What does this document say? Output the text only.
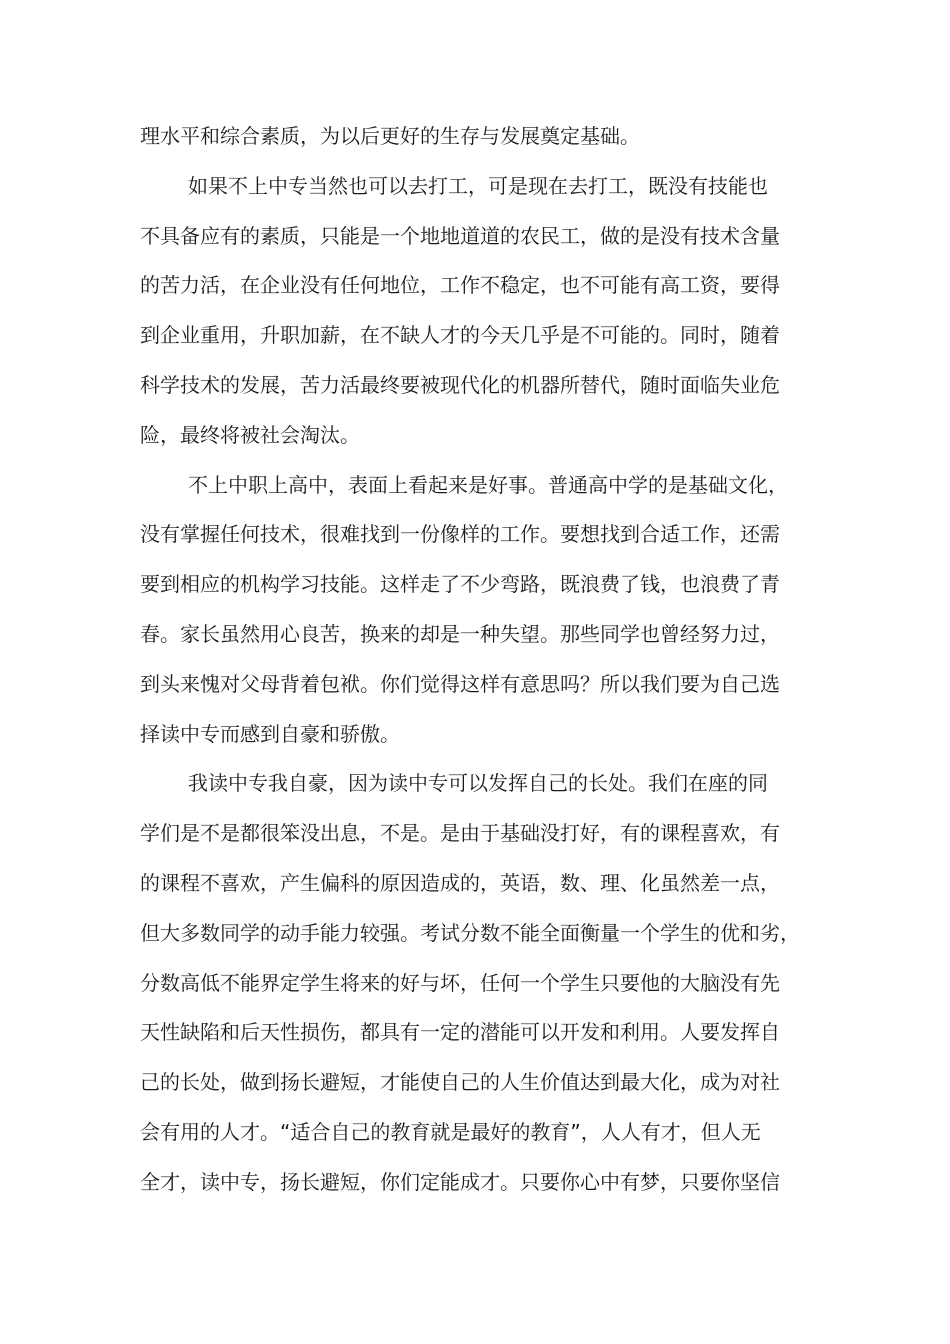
理水平和综合素质，为以后更好的生存与发展奠定基础。
如果不上中专当然也可以去打工，可是现在去打工，既没有技能也
不具备应有的素质，只能是一个地地道道的农民工，做的是没有技术含量
的苦力活，在企业没有任何地位，工作不稳定，也不可能有高工资，要得
到企业重用，升职加薪，在不缺人才的今天几乎是不可能的。同时，随着
科学技术的发展，苦力活最终要被现代化的机器所替代，随时面临失业危
险，最终将被社会淘汰。
不上中职上高中，表面上看起来是好事。普通高中学的是基础文化，
没有掌握任何技术，很难找到一份像样的工作。要想找到合适工作，还需
要到相应的机构学习技能。这样走了不少弯路，既浪费了钱，也浪费了青
春。家长虽然用心良苦，换来的却是一种失望。那些同学也曾经努力过，
到头来愧对父母背着包袱。你们觉得这样有意思吗？所以我们要为自己选
择读中专而感到自豪和骄傲。
我读中专我自豪，因为读中专可以发挥自己的长处。我们在座的同
学们是不是都很笨没出息，不是。是由于基础没打好，有的课程喜欢，有
的课程不喜欢，产生偏科的原因造成的，英语，数、理、化虽然差一点，
但大多数同学的动手能力较强。考试分数不能全面衡量一个学生的优和劣，
分数高低不能界定学生将来的好与坏，任何一个学生只要他的大脑没有先
天性缺陷和后天性损伤，都具有一定的潜能可以开发和利用。人要发挥自
己的长处，做到扬长避短，才能使自己的人生价值达到最大化，成为对社
会有用的人才。“适合自己的教育就是最好的教育”，人人有才，但人无
全才，读中专，扬长避短，你们定能成才。只要你心中有梦，只要你坚信
